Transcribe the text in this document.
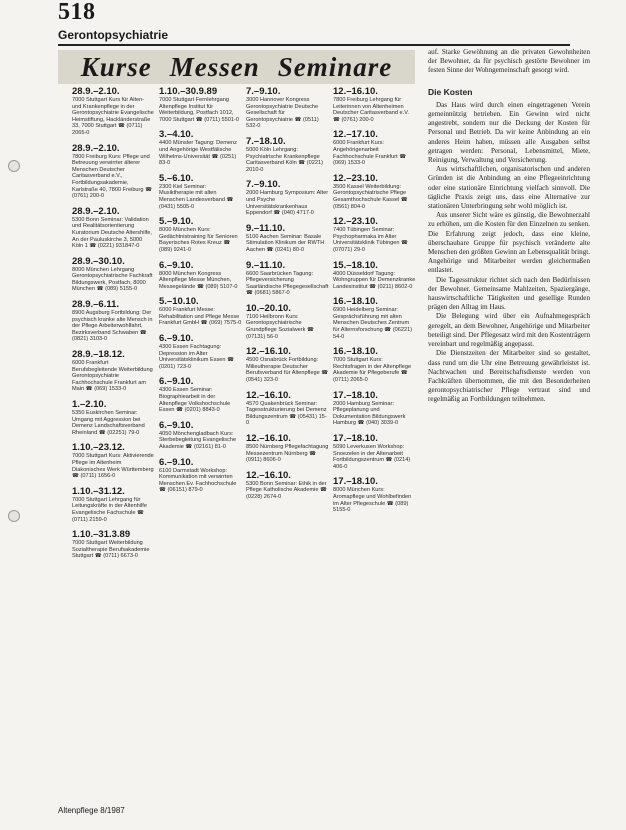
518
Gerontopsychiatrie
Kurse Messen Seminare
28.9.–2.10.
7000 Stuttgart Kurs für Alten- und Krankenpflege in der Gerontopsychiatrie Evangelische Heimstiftung, Hackländerstraße 33, 7000 Stuttgart ☎ (0711) 2065-0
28.9.–2.10.
7800 Freiburg Kurs: Pflege und Betreuung verwirrter älterer Menschen Deutscher Caritasverband e.V., Fortbildungsakademie, Karlstraße 40, 7800 Freiburg ☎ (0761) 200-0
28.9.–2.10.
5300 Bonn Seminar: Validation und Realitätsorientierung Kuratorium Deutsche Altershilfe, An der Pauluskirche 3, 5000 Köln 1 ☎ (0221) 931847-0
28.9.–30.10.
8000 München Lehrgang Gerontopsychiatrische Fachkraft Bildungswerk, Postfach, 8000 München ☎ (089) 5155-0
28.9.–6.11.
8900 Augsburg Fortbildung: Der psychisch kranke alte Mensch in der Pflege Arbeiterwohlfahrt, Bezirksverband Schwaben ☎ (0821) 3103-0
28.9.–18.12.
6000 Frankfurt Berufsbegleitende Weiterbildung Gerontopsychiatrie Fachhochschule Frankfurt am Main ☎ (069) 1533-0
1.–2.10.
5350 Euskirchen Seminar: Umgang mit Aggression bei Demenz Landschaftsverband Rheinland ☎ (02251) 79-0
1.10.–23.12.
7000 Stuttgart Kurs: Aktivierende Pflege im Altenheim Diakonisches Werk Württemberg ☎ (0711) 1656-0
1.10.–31.12.
7000 Stuttgart Lehrgang für Leitungskräfte in der Altenhilfe Evangelische Fachschule ☎ (0711) 2159-0
1.10.–31.3.89
7000 Stuttgart Weiterbildung Sozialtherapie Berufsakademie Stuttgart ☎ (0711) 6673-0
1.10.–30.9.89
7000 Stuttgart Fernlehrgang Altenpflege Institut für Weiterbildung, Postfach 1012, 7000 Stuttgart ☎ (0711) 5501-0
3.–4.10.
4400 Münster Tagung: Demenz und Angehörige Westfälische Wilhelms-Universität ☎ (0251) 83-0
5.–6.10.
2300 Kiel Seminar: Musiktherapie mit alten Menschen Landesverband ☎ (0431) 5505-0
5.–9.10.
8000 München Kurs: Gedächtnistraining für Senioren Bayerisches Rotes Kreuz ☎ (089) 9241-0
6.–9.10.
8000 München Kongress Altenpflege Messe München, Messegelände ☎ (089) 5107-0
5.–10.10.
6000 Frankfurt Messe: Rehabilitation und Pflege Messe Frankfurt GmbH ☎ (069) 7575-0
6.–9.10.
4300 Essen Fachtagung: Depression im Alter Universitätsklinikum Essen ☎ (0201) 723-0
6.–9.10.
4300 Essen Seminar: Biographiearbeit in der Altenpflege Volkshochschule Essen ☎ (0201) 8843-0
6.–9.10.
4050 Mönchengladbach Kurs: Sterbebegleitung Evangelische Akademie ☎ (02161) 81-0
6.–9.10.
6100 Darmstadt Workshop: Kommunikation mit verwirrten Menschen Ev. Fachhochschule ☎ (06151) 879-0
7.–9.10.
3000 Hannover Kongress Gerontopsychiatrie Deutsche Gesellschaft für Gerontopsychiatrie ☎ (0511) 532-0
7.–18.10.
5000 Köln Lehrgang: Psychiatrische Krankenpflege Caritasverband Köln ☎ (0221) 2010-0
7.–9.10.
2000 Hamburg Symposium: Alter und Psyche Universitätskrankenhaus Eppendorf ☎ (040) 4717-0
9.–11.10.
5100 Aachen Seminar: Basale Stimulation Klinikum der RWTH Aachen ☎ (0241) 80-0
9.–11.10.
6600 Saarbrücken Tagung: Pflegeversicherung Saarländische Pflegegesellschaft ☎ (0681) 5867-0
10.–20.10.
7100 Heilbronn Kurs: Gerontopsychiatrische Grundpflege Sozialwerk ☎ (07131) 56-0
12.–16.10.
4500 Osnabrück Fortbildung: Milieutherapie Deutscher Berufsverband für Altenpflege ☎ (0541) 323-0
12.–16.10.
4570 Quakenbrück Seminar: Tagesstrukturierung bei Demenz Bildungszentrum ☎ (05431) 15-0
12.–16.10.
8500 Nürnberg Pflegefachtagung Messezentrum Nürnberg ☎ (0911) 8606-0
12.–16.10.
5300 Bonn Seminar: Ethik in der Pflege Katholische Akademie ☎ (0228) 2674-0
12.–16.10.
7800 Freiburg Lehrgang für Leiterinnen von Altenheimen Deutscher Caritasverband e.V. ☎ (0761) 200-0
12.–17.10.
6000 Frankfurt Kurs: Angehörigenarbeit Fachhochschule Frankfurt ☎ (069) 1533-0
12.–23.10.
3500 Kassel Weiterbildung: Gerontopsychiatrische Pflege Gesamthochschule Kassel ☎ (0561) 804-0
12.–23.10.
7400 Tübingen Seminar: Psychopharmaka im Alter Universitätsklinik Tübingen ☎ (07071) 29-0
15.–18.10.
4000 Düsseldorf Tagung: Wohngruppen für Demenzkranke Landesinstitut ☎ (0211) 8602-0
16.–18.10.
6900 Heidelberg Seminar: Gesprächsführung mit alten Menschen Deutsches Zentrum für Alternsforschung ☎ (06221) 54-0
16.–18.10.
7000 Stuttgart Kurs: Rechtsfragen in der Altenpflege Akademie für Pflegeberufe ☎ (0711) 2065-0
17.–18.10.
2000 Hamburg Seminar: Pflegeplanung und Dokumentation Bildungswerk Hamburg ☎ (040) 3039-0
17.–18.10.
5090 Leverkusen Workshop: Snoezelen in der Altenarbeit Fortbildungszentrum ☎ (0214) 406-0
17.–18.10.
8000 München Kurs: Aromapflege und Wohlbefinden im Alter Pflegeschule ☎ (089) 5155-0

auf. Starke Gewöhnung an die privaten Gewohnheiten der Bewohner, da für psychisch gestörte Bewohner im festen Sinne der Wohngemeinschaft gesorgt wird.

Die Kosten

Das Haus wird durch einen eingetragenen Verein gemeinnützig betrieben. Ein Gewinn wird nicht angestrebt, sondern nur die Deckung der Kosten für Personal und Betrieb. Da wir keine Anbindung an ein anderes Heim haben, müssen alle Ausgaben selbst getragen werden: Personal, Lebensmittel, Miete, Reinigung, Verwaltung und Versicherung.

Aus wirtschaftlichen, organisatorischen und anderen Gründen ist die Anbindung an eine Pflegeeinrichtung oder eine stationäre Einrichtung vielfach sinnvoll. Die tägliche Praxis zeigt uns, dass eine Alternative zur stationären Unterbringung sehr wohl möglich ist.

Aus unserer Sicht wäre es günstig, die Bewohnerzahl zu erhöhen, um die Kosten für den Einzelnen zu senken. Die Erfahrung zeigt jedoch, dass eine kleine, überschaubare Gruppe für psychisch veränderte alte Menschen den größten Gewinn an Lebensqualität bringt. Angehörige und Mitarbeiter werden gleichermaßen entlastet.

Die Tagesstruktur richtet sich nach den Bedürfnissen der Bewohner. Gemeinsame Mahlzeiten, Spaziergänge, hauswirtschaftliche Tätigkeiten und gesellige Runden prägen den Alltag im Haus.

Die Belegung wird über ein Aufnahmegespräch geregelt, an dem Bewohner, Angehörige und Mitarbeiter beteiligt sind. Der Pflegesatz wird mit den Kostenträgern vereinbart und regelmäßig angepasst.

Die Dienstzeiten der Mitarbeiter sind so gestaltet, dass rund um die Uhr eine Betreuung gewährleistet ist. Nachtwachen und Bereitschaftsdienste werden von Fachkräften übernommen, die mit den Besonderheiten gerontopsychiatrischer Pflege vertraut sind und regelmäßig an Fortbildungen teilnehmen.

Altenpflege 8/1987
